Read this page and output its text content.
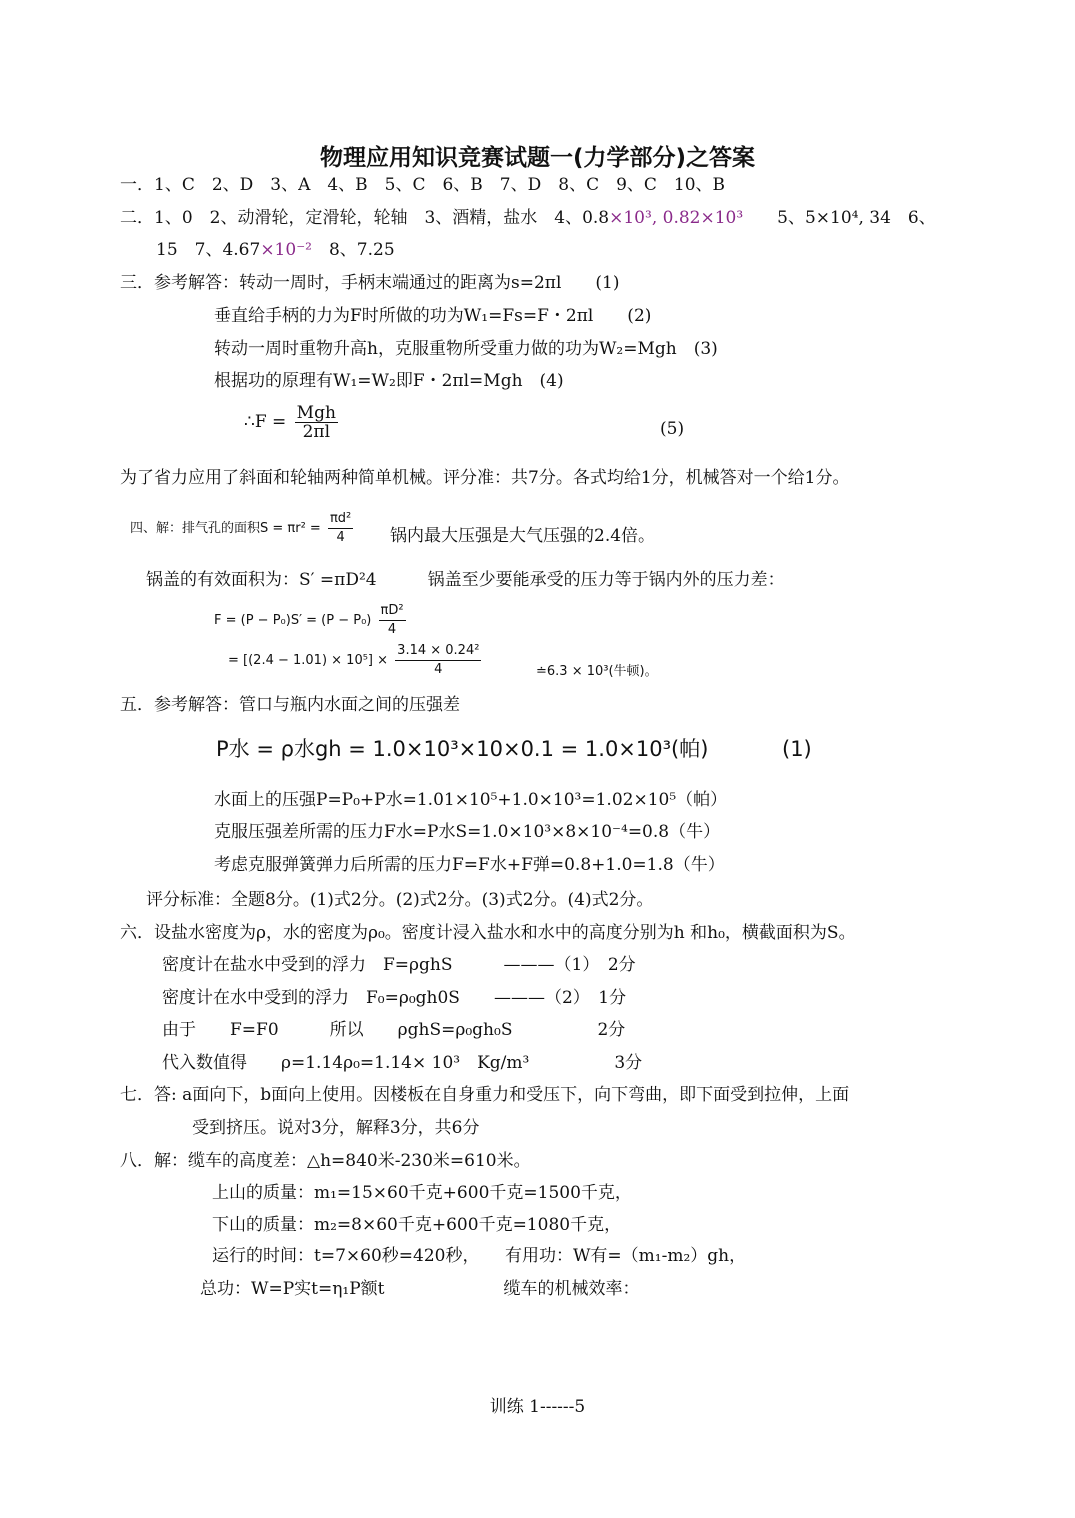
物理应用知识竞赛试题一(力学部分)之答案
一．1、C　2、D　3、A　4、B　5、C　6、B　7、D　8、C　9、C　10、B
二．1、0　2、动滑轮，定滑轮，轮轴　3、酒精，盐水　4、0.8×10³, 0.82×10³　　5、5×10⁴, 34　6、
15　7、4.67×10⁻²　8、7.25
三．参考解答：转动一周时，手柄末端通过的距离为s=2πl　　(1)
垂直给手柄的力为F时所做的功为W₁=Fs=F・2πl　　(2)
转动一周时重物升高h，克服重物所受重力做的功为W₂=Mgh　(3)
根据功的原理有W₁=W₂即F・2πl=Mgh　(4)
∴F = $\frac{\text{Mgh}}{2\pi l}$	(5)
为了省力应用了斜面和轮轴两种简单机械。评分准：共7分。各式均给1分，机械答对一个给1分。
四、解：排气孔的面积$S = \pi r^2 = \frac{\text{πd²}}{4}$ 锅内最大压强是大气压强的2.4倍。
锅盖的有效面积为：S′ =πD²4　　　锅盖至少要能承受的压力等于锅内外的压力差：
$F = (P - P_0)S' = (P - P_0) \frac{\text{πD²}}{4}$
= $[(2.4 - 1.01) \times 10^5] \times \frac{\text{3.14 × 0.24²}}{4}$	≐6.3 × 10³(牛顿)。
五．参考解答：管口与瓶内水面之间的压强差
P水 = ρ水gh = 1.0×10³×10×0.1 = 1.0×10³(帕)	(1)
水面上的压强P=P₀+P水=1.01×10⁵+1.0×10³=1.02×10⁵（帕）
克服压强差所需的压力F水=P水S=1.0×10³×8×10⁻⁴=0.8（牛）
考虑克服弹簧弹力后所需的压力F=F水+F弹=0.8+1.0=1.8（牛）
评分标准：全题8分。(1)式2分。(2)式2分。(3)式2分。(4)式2分。
六．设盐水密度为ρ，水的密度为ρ₀。密度计浸入盐水和水中的高度分别为h 和h₀，横截面积为S。
密度计在盐水中受到的浮力　F=ρghS　　　———（1）　2分
密度计在水中受到的浮力　F₀=ρ₀gh0S　　———（2）　1分
由于　　F=F0　　　所以　　ρghS=ρ₀gh₀S　　　　　2分
代入数值得　　ρ=1.14ρ₀=1.14× 10³　Kg/m³　　　　　3分
七．答: a面向下，b面向上使用。因楼板在自身重力和受压下，向下弯曲，即下面受到拉伸，上面
受到挤压。说对3分，解释3分，共6分
八．解：缆车的高度差：△h=840米-230米=610米。
上山的质量：m₁=15×60千克+600千克=1500千克，
下山的质量：m₂=8×60千克+600千克=1080千克，
运行的时间：t=7×60秒=420秒，　　有用功：W有=（m₁-m₂）gh，
总功：W=P实t=η₁P额t　　　　　　　缆车的机械效率：
训练 1------5
